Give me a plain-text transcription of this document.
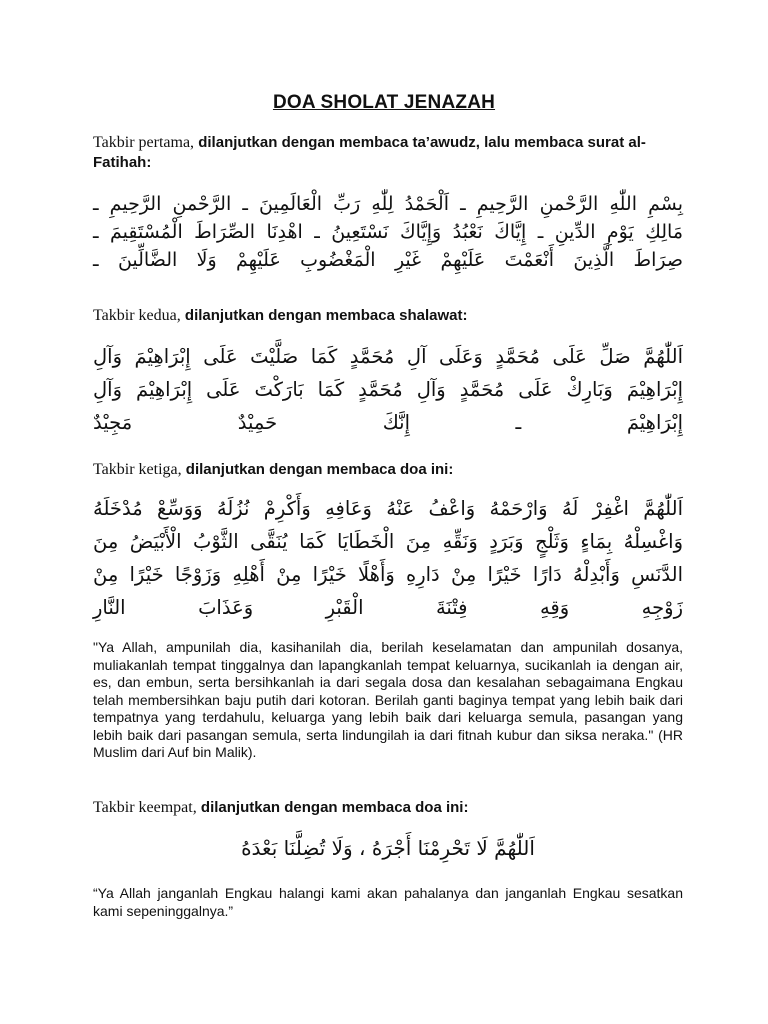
DOA SHOLAT JENAZAH
Takbir pertama, dilanjutkan dengan membaca ta’awudz, lalu membaca surat al-Fatihah:
بِسْمِ اللّٰهِ الرَّحْمنِ الرَّحِيمِ ـ اَلْحَمْدُ لِلّٰهِ رَبِّ الْعَالَمِينَ ـ الرَّحْمنِ الرَّحِيمِ ـ
مَالِكِ يَوْمِ الدِّينِ ـ إِيَّاكَ نَعْبُدُ وَإِيَّاكَ نَسْتَعِينُ ـ اهْدِنَا الصِّرَاطَ الْمُسْتَقِيمَ ـ
صِرَاطَ الَّذِينَ أَنْعَمْتَ عَلَيْهِمْ غَيْرِ الْمَغْضُوبِ عَلَيْهِمْ وَلَا الضَّالِّينَ ـ
Takbir kedua, dilanjutkan dengan membaca shalawat:
اَللّٰهُمَّ صَلِّ عَلَى مُحَمَّدٍ وَعَلَى آلِ مُحَمَّدٍ كَمَا صَلَّيْتَ عَلَى إِبْرَاهِيْمَ وَآلِ
إِبْرَاهِيْمَ وَبَارِكْ عَلَى مُحَمَّدٍ وَآلِ مُحَمَّدٍ كَمَا بَارَكْتَ عَلَى إِبْرَاهِيْمَ وَآلِ
إِبْرَاهِيْمَ ـ إِنَّكَ حَمِيْدٌ مَجِيْدٌ
Takbir ketiga, dilanjutkan dengan membaca doa ini:
اَللّٰهُمَّ اغْفِرْ لَهُ وَارْحَمْهُ وَاعْفُ عَنْهُ وَعَافِهِ وَأَكْرِمْ نُزُلَهُ وَوَسِّعْ مُدْخَلَهُ
وَاغْسِلْهُ بِمَاءٍ وَثَلْجٍ وَبَرَدٍ وَنَقِّهِ مِنَ الْخَطَايَا كَمَا يُنَقَّى الثَّوْبُ الْأَبْيَضُ مِنَ
الدَّنَسِ وَأَبْدِلْهُ دَارًا خَيْرًا مِنْ دَارِهِ وَأَهْلًا خَيْرًا مِنْ أَهْلِهِ وَزَوْجًا خَيْرًا مِنْ
زَوْجِهِ وَقِهِ فِتْنَةَ الْقَبْرِ وَعَذَابَ النَّارِ
"Ya Allah, ampunilah dia, kasihanilah dia, berilah keselamatan dan ampunilah dosanya, muliakanlah tempat tinggalnya dan lapangkanlah tempat keluarnya, sucikanlah ia dengan air, es, dan embun, serta bersihkanlah ia dari segala dosa dan kesalahan sebagaimana Engkau telah membersihkan baju putih dari kotoran. Berilah ganti baginya tempat yang lebih baik dari tempatnya yang terdahulu, keluarga yang lebih baik dari keluarga semula, pasangan yang lebih baik dari pasangan semula, serta lindungilah ia dari fitnah kubur dan siksa neraka." (HR Muslim dari Auf bin Malik).
Takbir keempat, dilanjutkan dengan membaca doa ini:
اَللّٰهُمَّ لَا تَحْرِمْنَا أَجْرَهُ ، وَلَا تُضِلَّنَا بَعْدَهُ
“Ya Allah janganlah Engkau halangi kami akan pahalanya dan janganlah Engkau sesatkan kami sepeninggalnya.”
